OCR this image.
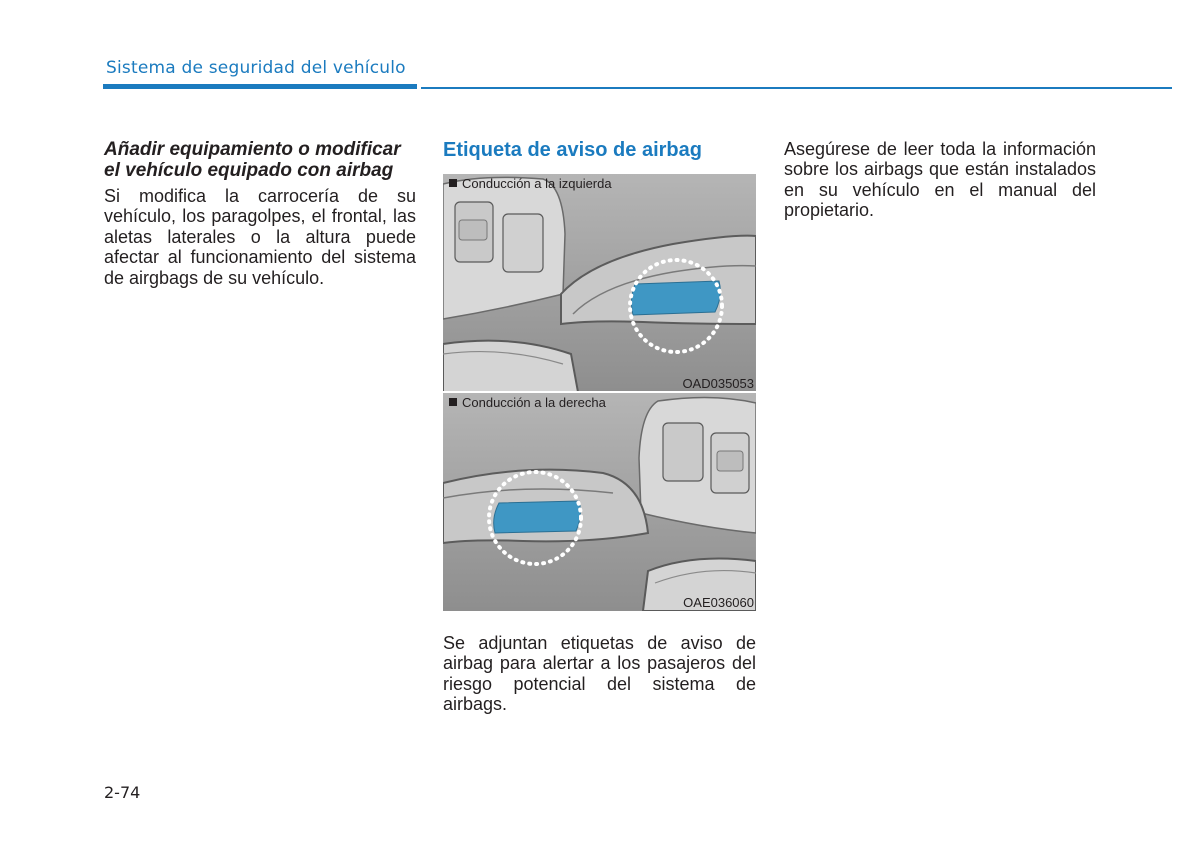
Sistema de seguridad del vehículo
Añadir equipamiento o modificar el vehículo equipado con airbag

Si modifica la carrocería de su vehículo, los paragolpes, el frontal, las aletas laterales o la altura puede afectar al funcionamiento del sistema de airgbags de su vehículo.

Etiqueta de aviso de airbag
Conducción a la izquierda
OAD035053
Conducción a la derecha
OAE036060

Se adjuntan etiquetas de aviso de airbag para alertar a los pasajeros del riesgo potencial del sistema de airbags.

Asegúrese de leer toda la información sobre los airbags que están instalados en su vehículo en el manual del propietario.

2-74
